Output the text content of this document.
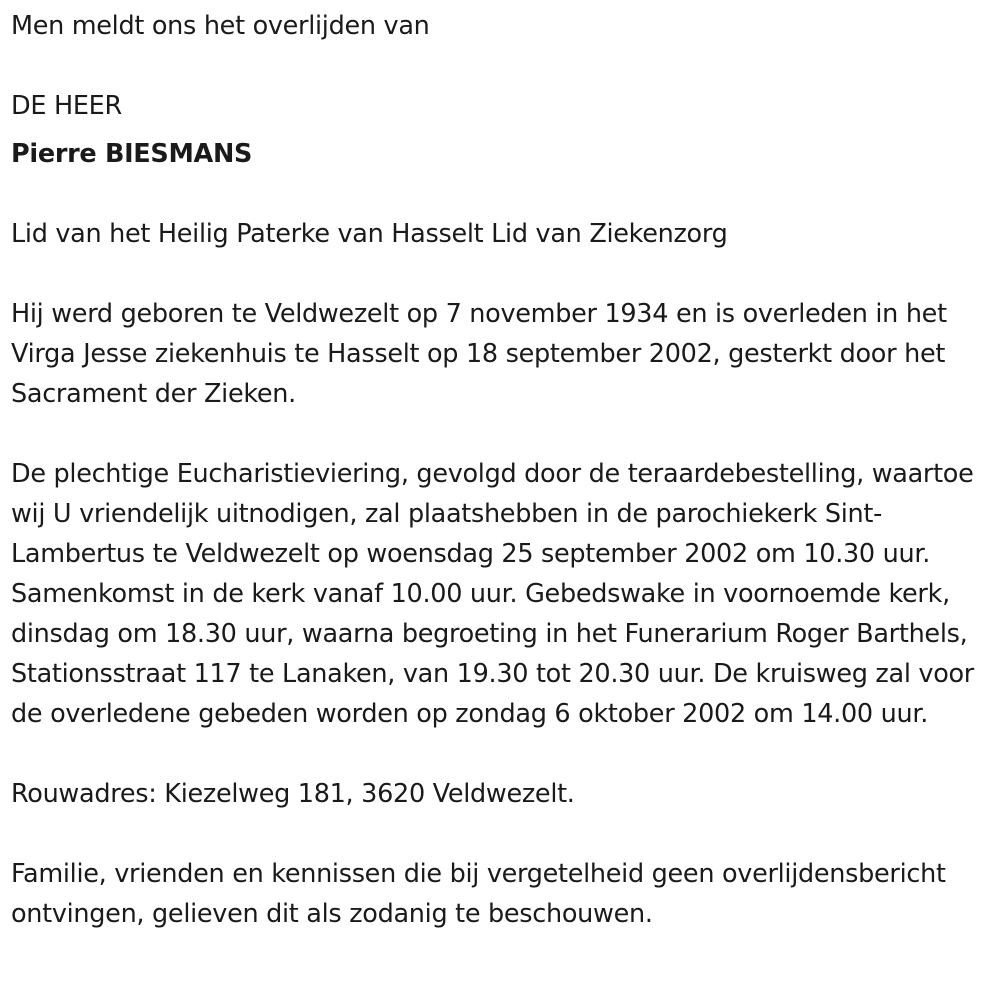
Men meldt ons het overlijden van

DE HEER

Pierre BIESMANS

Lid van het Heilig Paterke van Hasselt Lid van Ziekenzorg

Hij werd geboren te Veldwezelt op 7 november 1934 en is overleden in het Virga Jesse ziekenhuis te Hasselt op 18 september 2002, gesterkt door het Sacrament der Zieken.

De plechtige Eucharistieviering, gevolgd door de teraardebestelling, waartoe wij U vriendelijk uitnodigen, zal plaatshebben in de parochiekerk Sint-Lambertus te Veldwezelt op woensdag 25 september 2002 om 10.30 uur. Samenkomst in de kerk vanaf 10.00 uur. Gebedswake in voornoemde kerk, dinsdag om 18.30 uur, waarna begroeting in het Funerarium Roger Barthels, Stationsstraat 117 te Lanaken, van 19.30 tot 20.30 uur. De kruisweg zal voor de overledene gebeden worden op zondag 6 oktober 2002 om 14.00 uur.

Rouwadres: Kiezelweg 181, 3620 Veldwezelt.

Familie, vrienden en kennissen die bij vergetelheid geen overlijdensbericht ontvingen, gelieven dit als zodanig te beschouwen.
